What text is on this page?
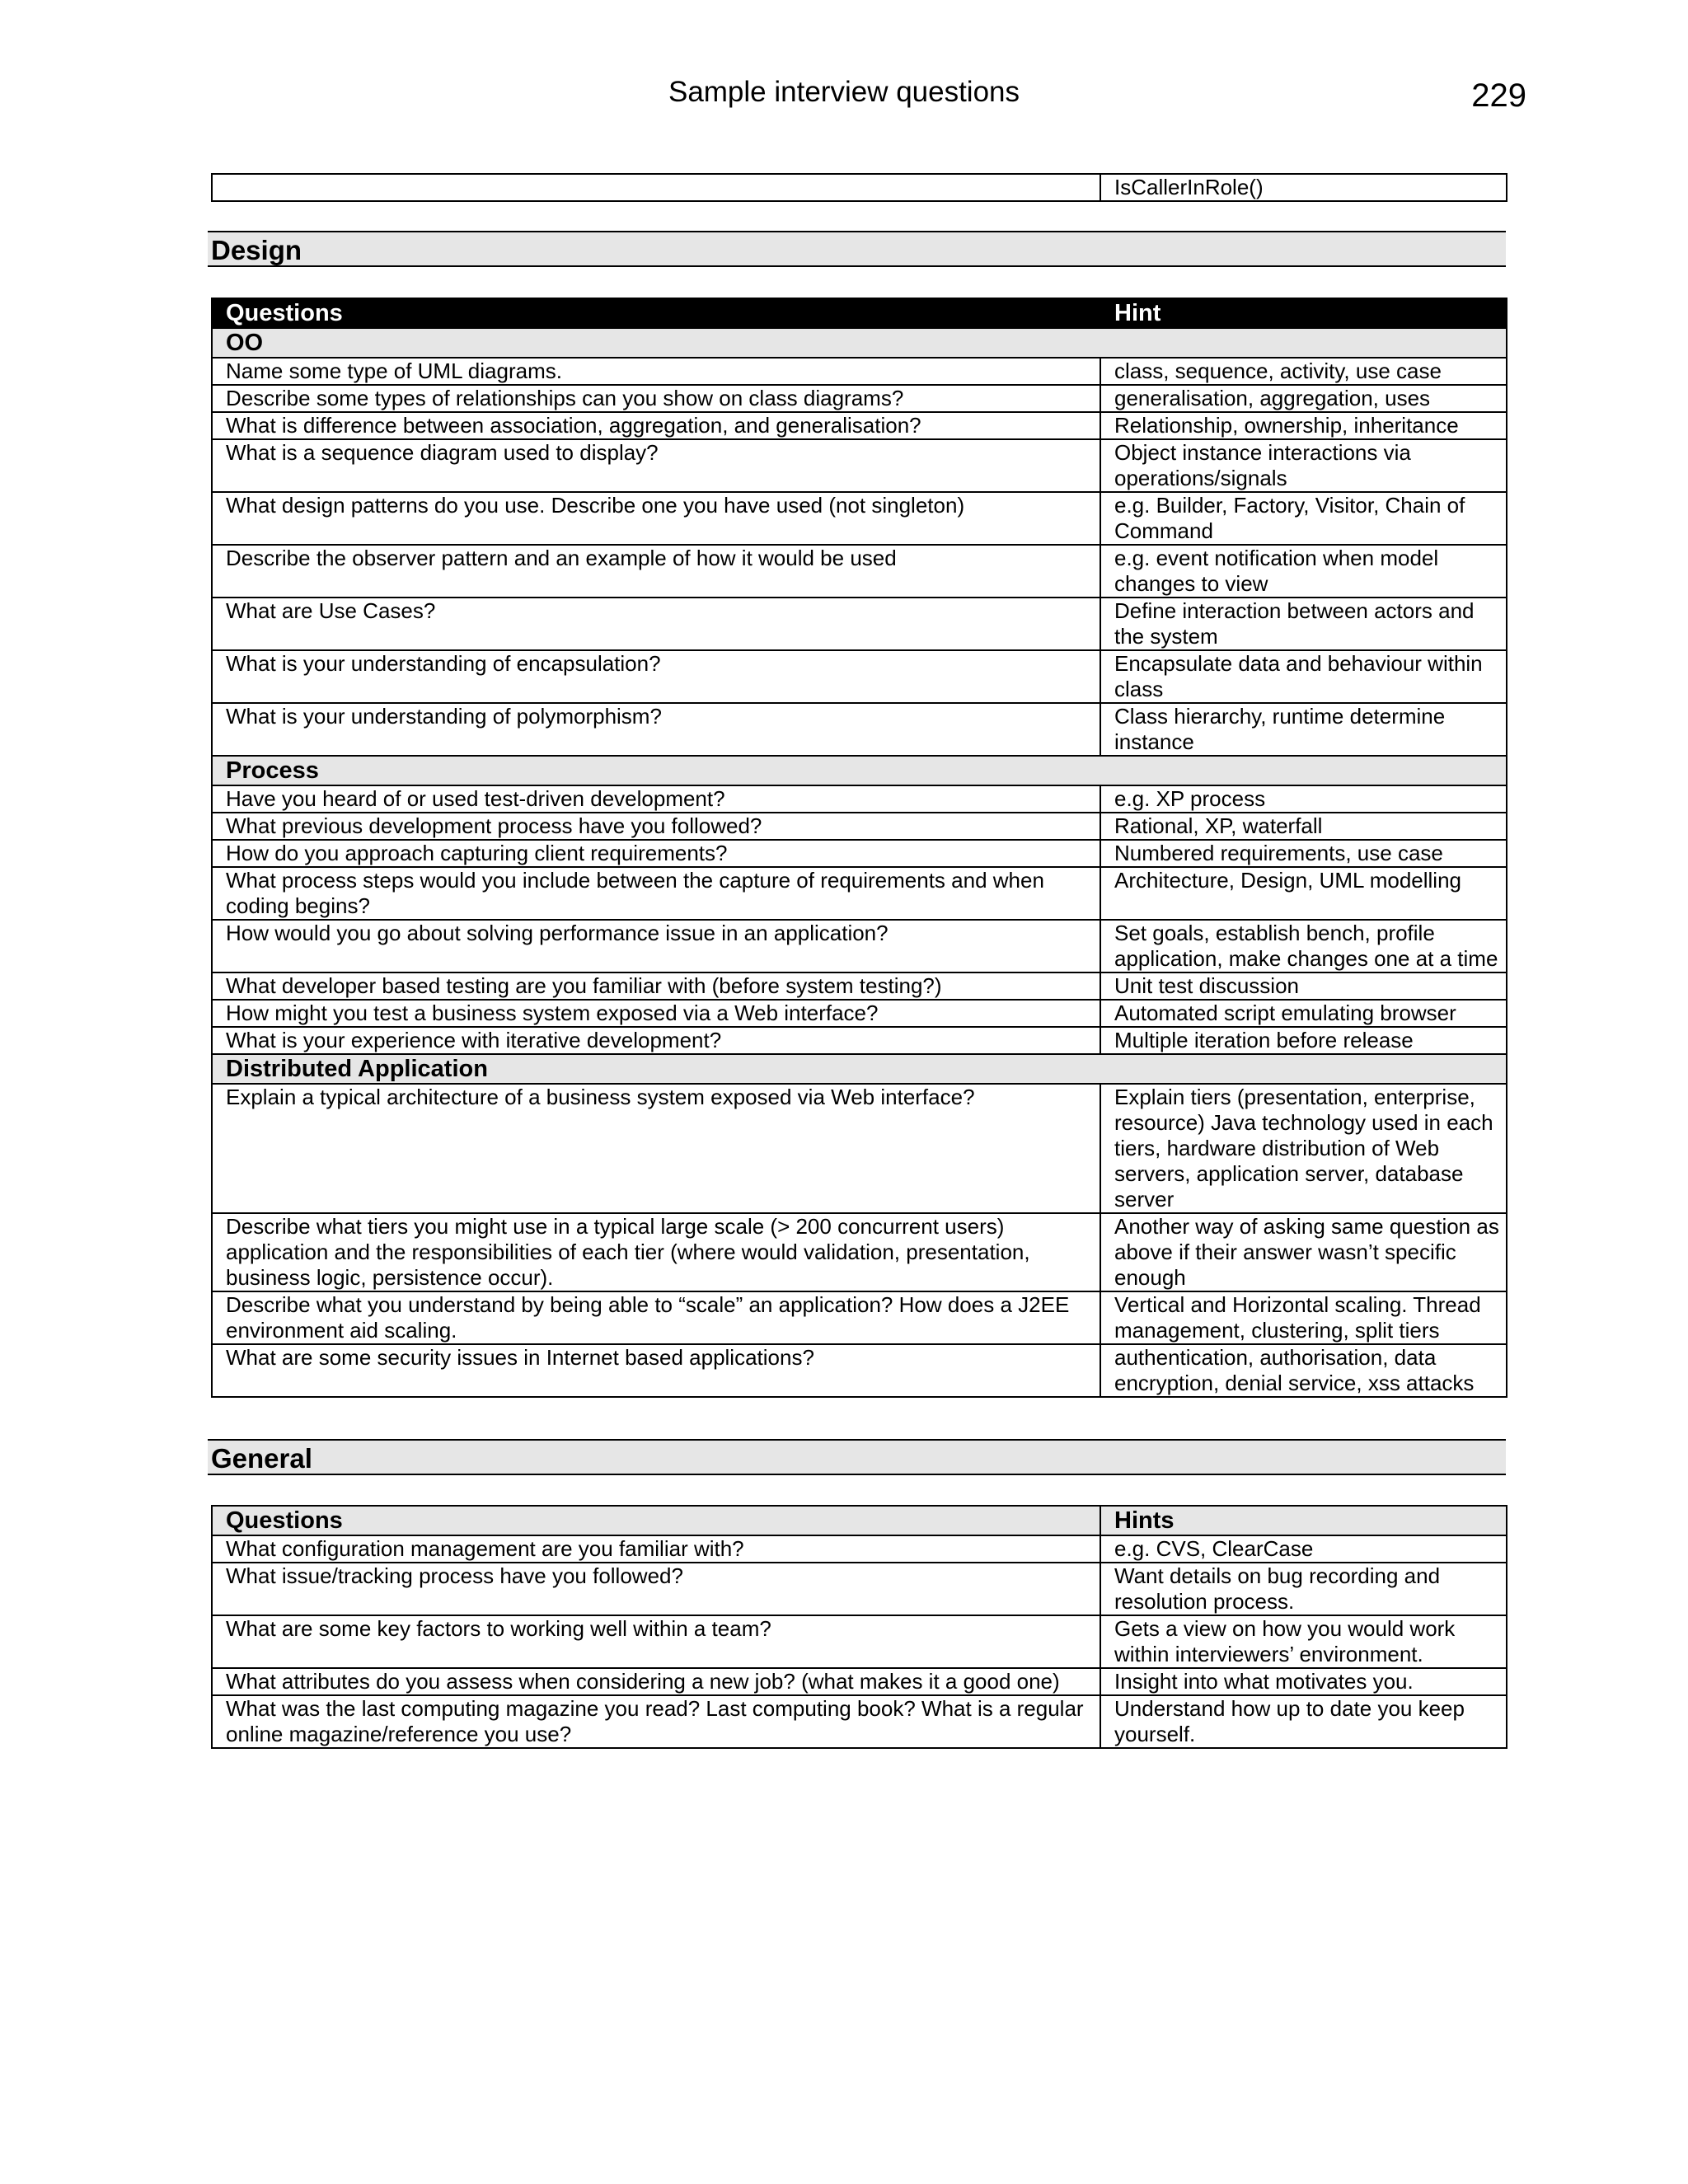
Sample interview questions	229
	IsCallerInRole()
Design
Questions	Hint
OO	
Name some type of UML diagrams.	class, sequence, activity, use case
Describe some types of relationships can you show on class diagrams?	generalisation, aggregation, uses
What is difference between association, aggregation, and generalisation?	Relationship, ownership, inheritance
What is a sequence diagram used to display?	Object instance interactions via operations/signals
What design patterns do you use. Describe one you have used (not singleton)	e.g. Builder, Factory, Visitor, Chain of Command
Describe the observer pattern and an example of how it would be used	e.g. event notification when model changes to view
What are Use Cases?	Define interaction between actors and the system
What is your understanding of encapsulation?	Encapsulate data and behaviour within class
What is your understanding of polymorphism?	Class hierarchy, runtime determine instance
Process	
Have you heard of or used test-driven development?	e.g. XP process
What previous development process have you followed?	Rational, XP, waterfall
How do you approach capturing client requirements?	Numbered requirements, use case
What process steps would you include between the capture of requirements and when coding begins?	Architecture, Design, UML modelling
How would you go about solving performance issue in an application?	Set goals, establish bench, profile application, make changes one at a time
What developer based testing are you familiar with (before system testing?)	Unit test discussion
How might you test a business system exposed via a Web interface?	Automated script emulating browser
What is your experience with iterative development?	Multiple iteration before release
Distributed Application	
Explain a typical architecture of a business system exposed via Web interface?	Explain tiers (presentation, enterprise, resource) Java technology used in each tiers, hardware distribution of Web servers, application server, database server
Describe what tiers you might use in a typical large scale (> 200 concurrent users) application and the responsibilities of each tier (where would validation, presentation, business logic, persistence occur).	Another way of asking same question as above if their answer wasn’t specific enough
Describe what you understand by being able to “scale” an application? How does a J2EE environment aid scaling.	Vertical and Horizontal scaling. Thread management, clustering, split tiers
What are some security issues in Internet based applications?	authentication, authorisation, data encryption, denial service, xss attacks
General
Questions	Hints
What configuration management are you familiar with?	e.g. CVS, ClearCase
What issue/tracking process have you followed?	Want details on bug recording and resolution process.
What are some key factors to working well within a team?	Gets a view on how you would work within interviewers’ environment.
What attributes do you assess when considering a new job? (what makes it a good one)	Insight into what motivates you.
What was the last computing magazine you read? Last computing book? What is a regular online magazine/reference you use?	Understand how up to date you keep yourself.
